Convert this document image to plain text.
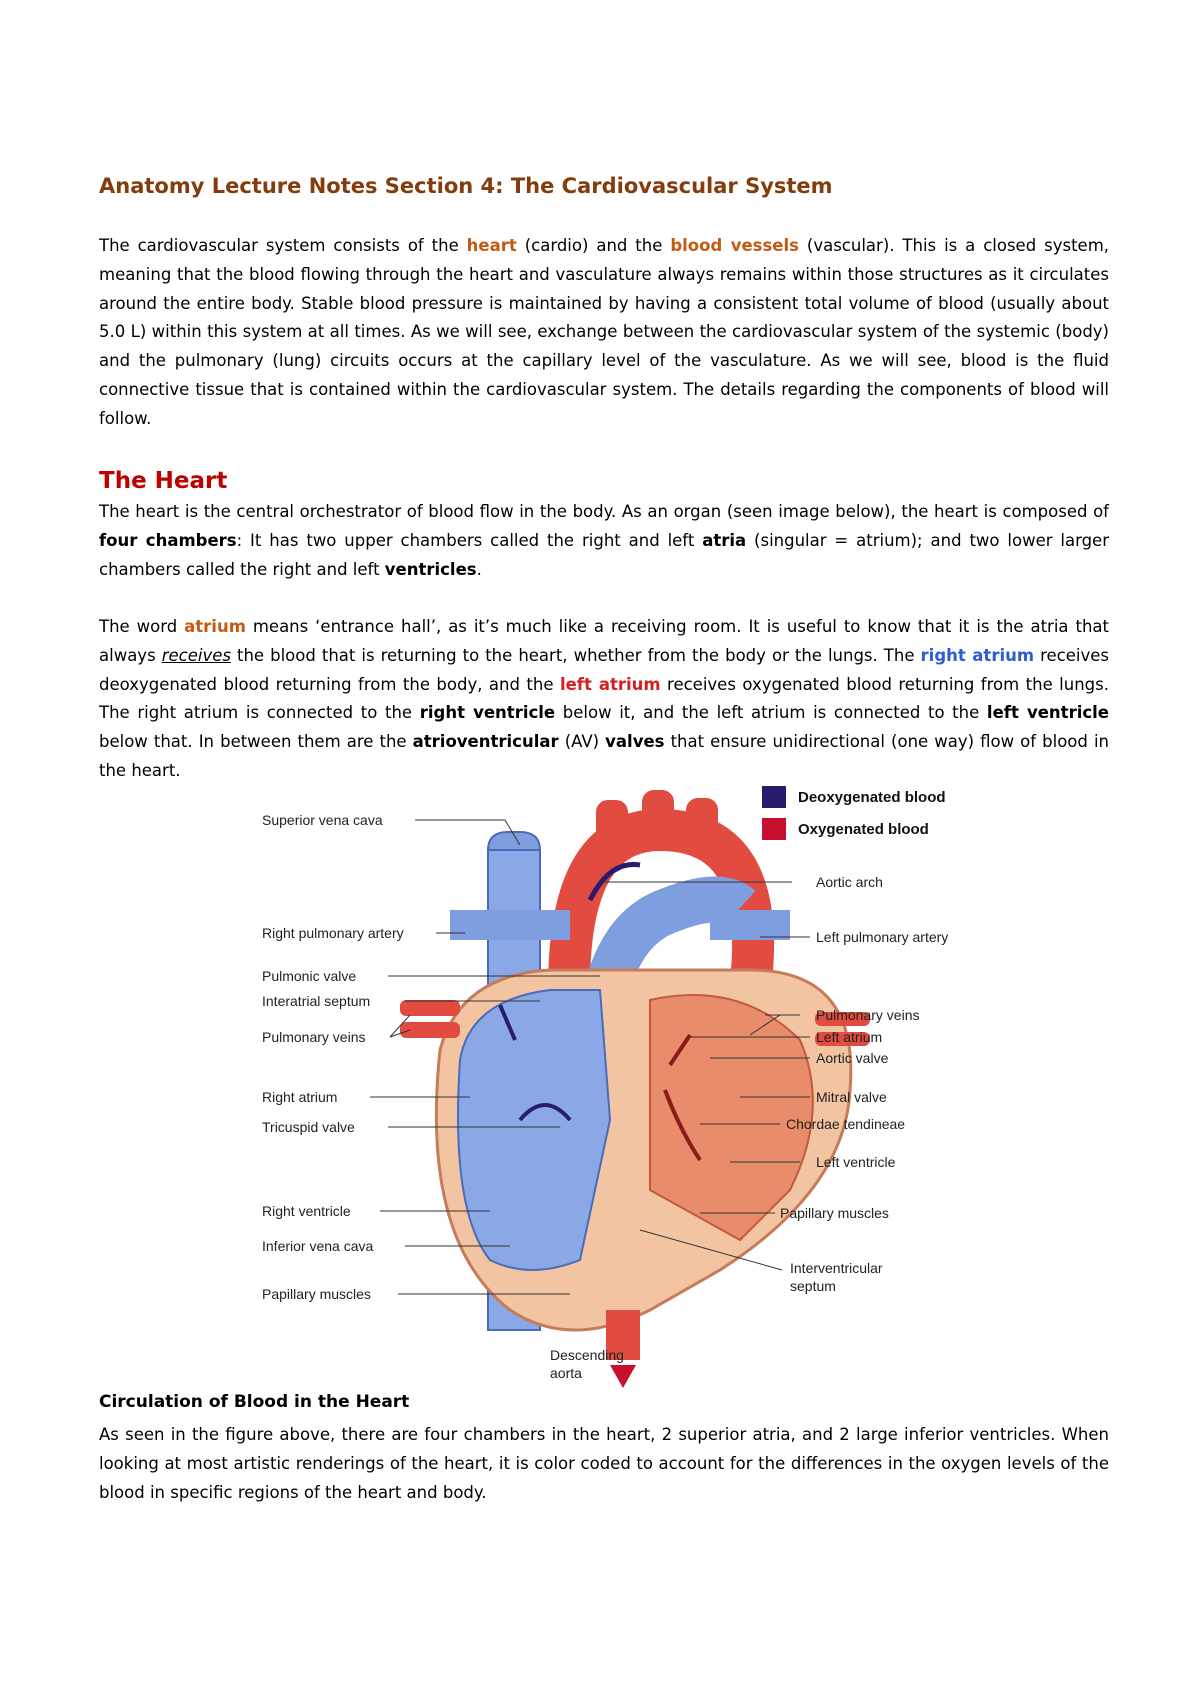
Anatomy Lecture Notes Section 4: The Cardiovascular System

The cardiovascular system consists of the heart (cardio) and the blood vessels (vascular). This is a closed system, meaning that the blood flowing through the heart and vasculature always remains within those structures as it circulates around the entire body. Stable blood pressure is maintained by having a consistent total volume of blood (usually about 5.0 L) within this system at all times. As we will see, exchange between the cardiovascular system of the systemic (body) and the pulmonary (lung) circuits occurs at the capillary level of the vasculature. As we will see, blood is the fluid connective tissue that is contained within the cardiovascular system. The details regarding the components of blood will follow.

The Heart

The heart is the central orchestrator of blood flow in the body. As an organ (seen image below), the heart is composed of four chambers: It has two upper chambers called the right and left atria (singular = atrium); and two lower larger chambers called the right and left ventricles.

The word atrium means ‘entrance hall’, as it’s much like a receiving room. It is useful to know that it is the atria that always receives the blood that is returning to the heart, whether from the body or the lungs. The right atrium receives deoxygenated blood returning from the body, and the left atrium receives oxygenated blood returning from the lungs. The right atrium is connected to the right ventricle below it, and the left atrium is connected to the left ventricle below that. In between them are the atrioventricular (AV) valves that ensure unidirectional (one way) flow of blood in the heart.

Deoxygenated blood
Oxygenated blood
Superior vena cava
Right pulmonary artery
Pulmonic valve
Interatrial septum
Pulmonary veins
Right atrium
Tricuspid valve
Right ventricle
Inferior vena cava
Papillary muscles
Aortic arch
Left pulmonary artery
Pulmonary veins
Left atrium
Aortic valve
Mitral valve
Chordae tendineae
Left ventricle
Papillary muscles
Interventricular
septum
Descending
aorta
Circulation of Blood in the Heart

As seen in the figure above, there are four chambers in the heart, 2 superior atria, and 2 large inferior ventricles. When looking at most artistic renderings of the heart, it is color coded to account for the differences in the oxygen levels of the blood in specific regions of the heart and body.
